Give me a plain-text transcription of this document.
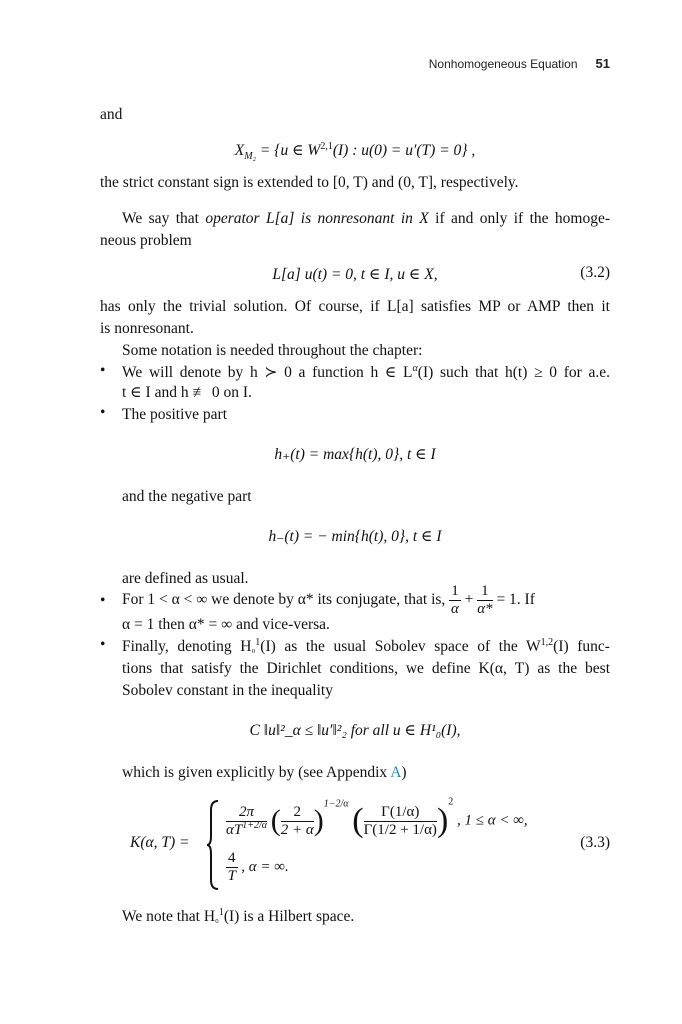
Nonhomogeneous Equation 51
and
$X_{M_2} = \{u$ ∈ W$^{2,1}$(I) : u(0) = u′(T) = 0} ,
the strict constant sign is extended to [0, T) and (0, T], respectively.
We say that operator L[a] is nonresonant in X if and only if the homoge-
neous problem
L[a] u(t) = 0, t ∈ I, u ∈ X,	(3.2)
has only the trivial solution. Of course, if L[a] satisfies MP or AMP then it
is nonresonant.
Some notation is needed throughout the chapter:
• We will denote by h ≻ 0 a function h ∈ $L^\alpha(I)$ such that h(t) ≥ 0 for a.e.
t ∈ I and h ≢ 0 on I.
• The positive part
h₊(t) = max{h(t), 0}, t ∈ I
and the negative part
h₋(t) = − min{h(t), 0}, t ∈ I
are defined as usual.
• For 1 < α < ∞ we denote by α* its conjugate, that is, $\frac{1}{\alpha} + \frac{1}{\alpha*} = 1$. If
α = 1 then α* = ∞ and vice-versa.
• Finally, denoting H₀$^1$(I) as the usual Sobolev space of the W$^{1,2}$(I) func-
tions that satisfy the Dirichlet conditions, we define K(α, T) as the best
Sobolev constant in the inequality
C ‖u‖²_α ≤ ‖u′‖²₂ for all u ∈ H¹₀(I),
which is given explicitly by (see Appendix A)
K(α, T) =
$\frac{2\pi}{\alpha T^{1+2/\alpha}}$ ( $\frac{2}{2 + \alpha} )^{1-2/\alpha}$ ( $\frac{\Gamma(1/\alpha)}{\Gamma(1/2 + 1/\alpha)} )^2$ , 1 ≤ α < ∞,
$\frac{4}{T}$ , α = ∞.
(3.3)
We note that H₀$^1$(I) is a Hilbert space.
